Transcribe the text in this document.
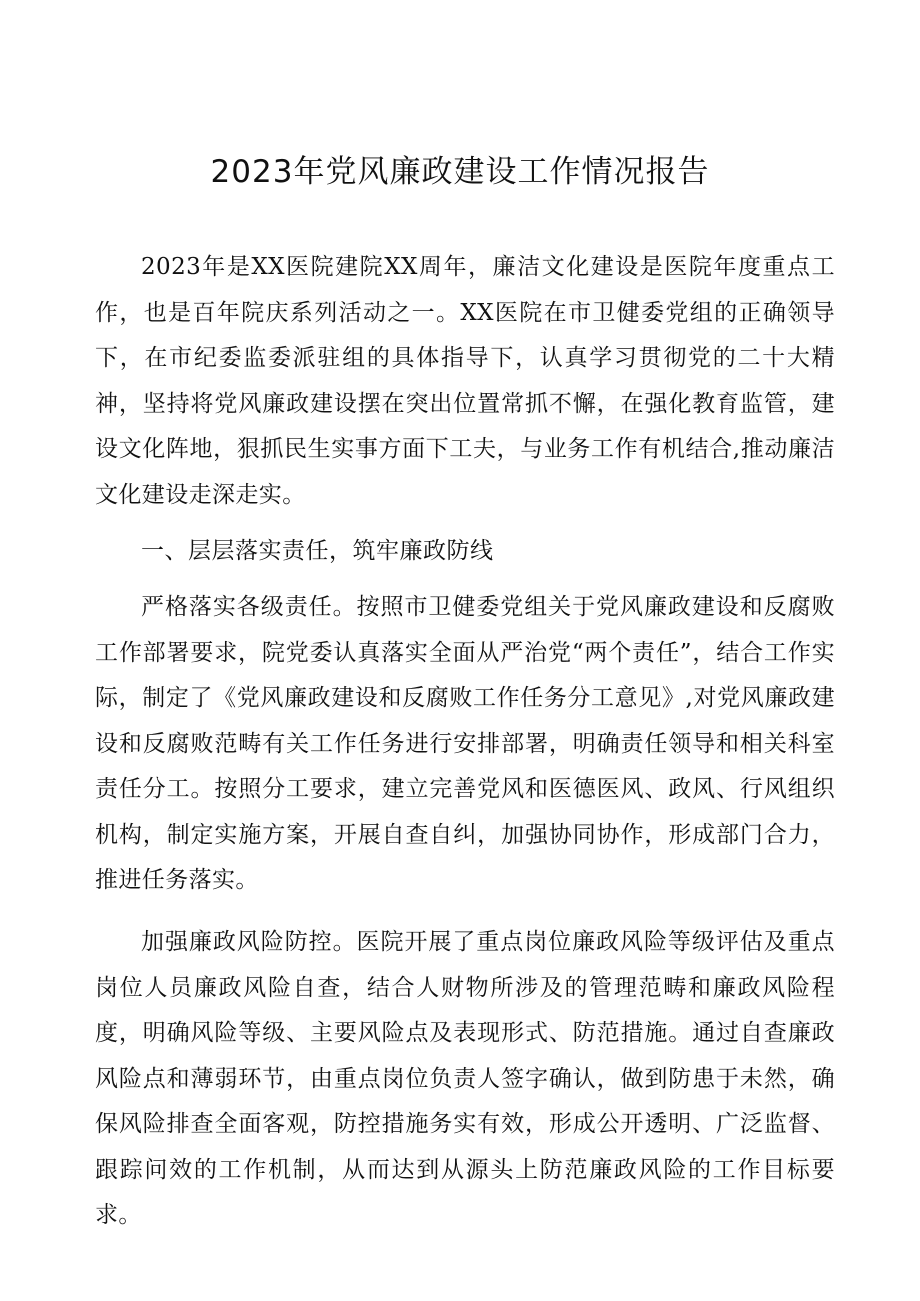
2023年党风廉政建设工作情况报告

2023年是XX医院建院XX周年，廉洁文化建设是医院年度重点工作，也是百年院庆系列活动之一。XX医院在市卫健委党组的正确领导下，在市纪委监委派驻组的具体指导下，认真学习贯彻党的二十大精神，坚持将党风廉政建设摆在突出位置常抓不懈，在强化教育监管，建设文化阵地，狠抓民生实事方面下工夫，与业务工作有机结合,推动廉洁文化建设走深走实。

一、层层落实责任，筑牢廉政防线

严格落实各级责任。按照市卫健委党组关于党风廉政建设和反腐败工作部署要求，院党委认真落实全面从严治党“两个责任”，结合工作实际，制定了《党风廉政建设和反腐败工作任务分工意见》,对党风廉政建设和反腐败范畴有关工作任务进行安排部署，明确责任领导和相关科室责任分工。按照分工要求，建立完善党风和医德医风、政风、行风组织机构，制定实施方案，开展自查自纠，加强协同协作，形成部门合力，推进任务落实。

加强廉政风险防控。医院开展了重点岗位廉政风险等级评估及重点岗位人员廉政风险自查，结合人财物所涉及的管理范畴和廉政风险程度，明确风险等级、主要风险点及表现形式、防范措施。通过自查廉政风险点和薄弱环节，由重点岗位负责人签字确认，做到防患于未然，确保风险排查全面客观，防控措施务实有效，形成公开透明、广泛监督、跟踪问效的工作机制，从而达到从源头上防范廉政风险的工作目标要求。
